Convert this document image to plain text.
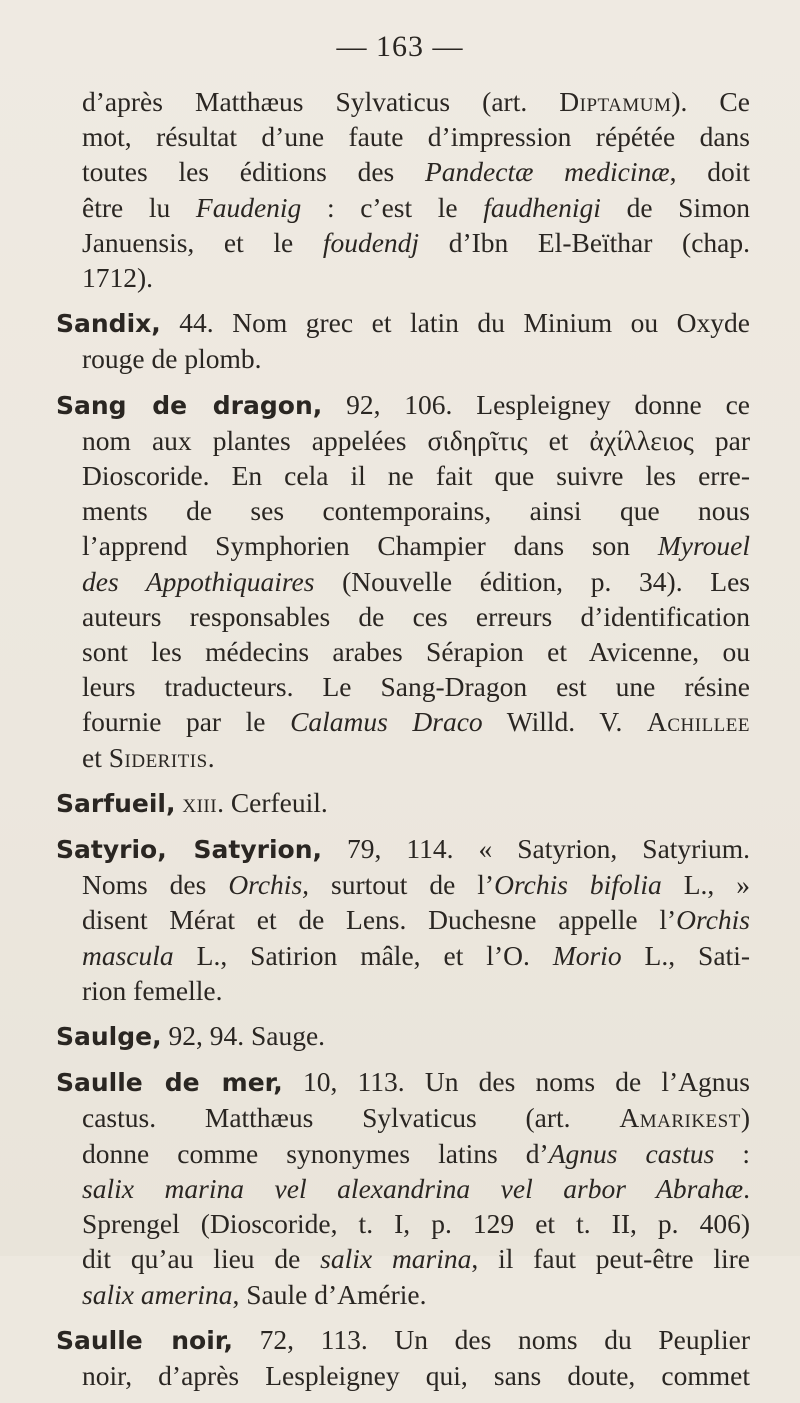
— 163 —
d’après Matthæus Sylvaticus (art. Diptamum). Ce
mot, résultat d’une faute d’impression répétée dans
toutes les éditions des Pandectæ medicinæ, doit
être lu Faudenig : c’est le faudhenigi de Simon
Januensis, et le foudendj d’Ibn El-Beïthar (chap.
1712).
Sandix, 44. Nom grec et latin du Minium ou Oxyde
rouge de plomb.
Sang de dragon, 92, 106. Lespleigney donne ce
nom aux plantes appelées σιδηρῖτις et ἀχίλλειος par
Dioscoride. En cela il ne fait que suivre les erre-
ments de ses contemporains, ainsi que nous
l’apprend Symphorien Champier dans son Myrouel
des Appothiquaires (Nouvelle édition, p. 34). Les
auteurs responsables de ces erreurs d’identification
sont les médecins arabes Sérapion et Avicenne, ou
leurs traducteurs. Le Sang-Dragon est une résine
fournie par le Calamus Draco Willd. V. Achillee
et Sideritis.
Sarfueil, xiii. Cerfeuil.
Satyrio, Satyrion, 79, 114. « Satyrion, Satyrium.
Noms des Orchis, surtout de l’Orchis bifolia L., »
disent Mérat et de Lens. Duchesne appelle l’Orchis
mascula L., Satirion mâle, et l’O. Morio L., Sati-
rion femelle.
Saulge, 92, 94. Sauge.
Saulle de mer, 10, 113. Un des noms de l’Agnus
castus. Matthæus Sylvaticus (art. Amarikest)
donne comme synonymes latins d’Agnus castus :
salix marina vel alexandrina vel arbor Abrahæ.
Sprengel (Dioscoride, t. I, p. 129 et t. II, p. 406)
dit qu’au lieu de salix marina, il faut peut-être lire
salix amerina, Saule d’Amérie.
Saulle noir, 72, 113. Un des noms du Peuplier
noir, d’après Lespleigney qui, sans doute, commet
